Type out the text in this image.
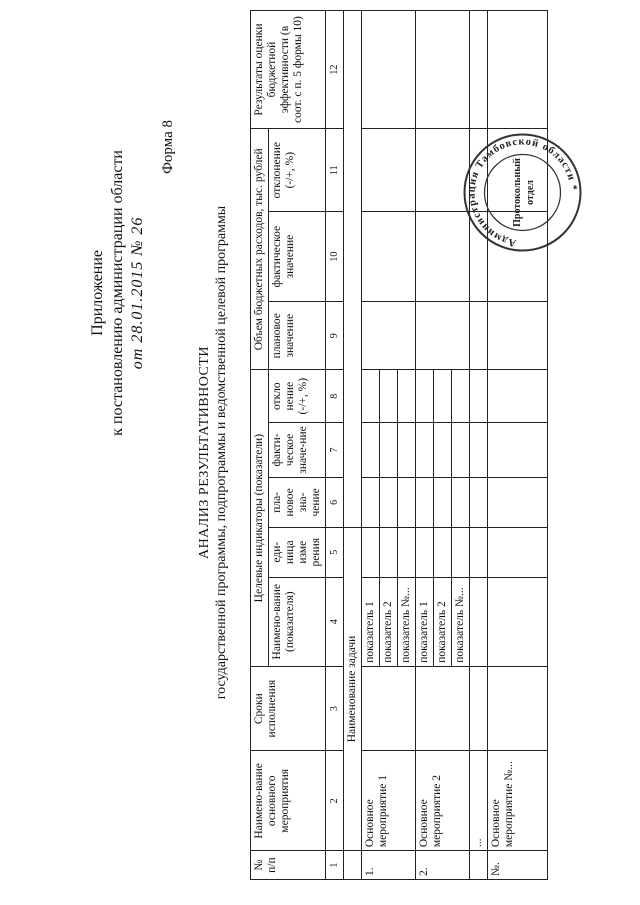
Приложение к постановлению администрации области от 28.01.2015 № 26
Форма 8
АНАЛИЗ РЕЗУЛЬТАТИВНОСТИ государственной программы, подпрограммы и ведомственной целевой программы
№ п/п	Наимено-вание основного мероприятия	Сроки исполнения	Целевые индикаторы (показатели)					Объем бюджетных расходов, тыс. рублей			Результаты оценки бюджетной эффективности (в соот. с п. 5 формы 10)
			Наимено-вание (показателя)	еди-ница изме рения	пла-новое зна-чение	факти-ческое значе-ние	откло нение (-/+, %)	плановое значение	фактическое значение	отклонение (-/+, %)	
1	2	3	4	5	6	7	8	9	10	11	12
	Наименование задачи										
1.	Основное мероприятие 1		показатель 1								
			показатель 2								
			показатель №...								
2.	Основное мероприятие 2		показатель 1								
			показатель 2								
			показатель №...								
	...										
№.	Основное мероприятие №...										
Администрация Тамбовской области *
Протокольный отдел
